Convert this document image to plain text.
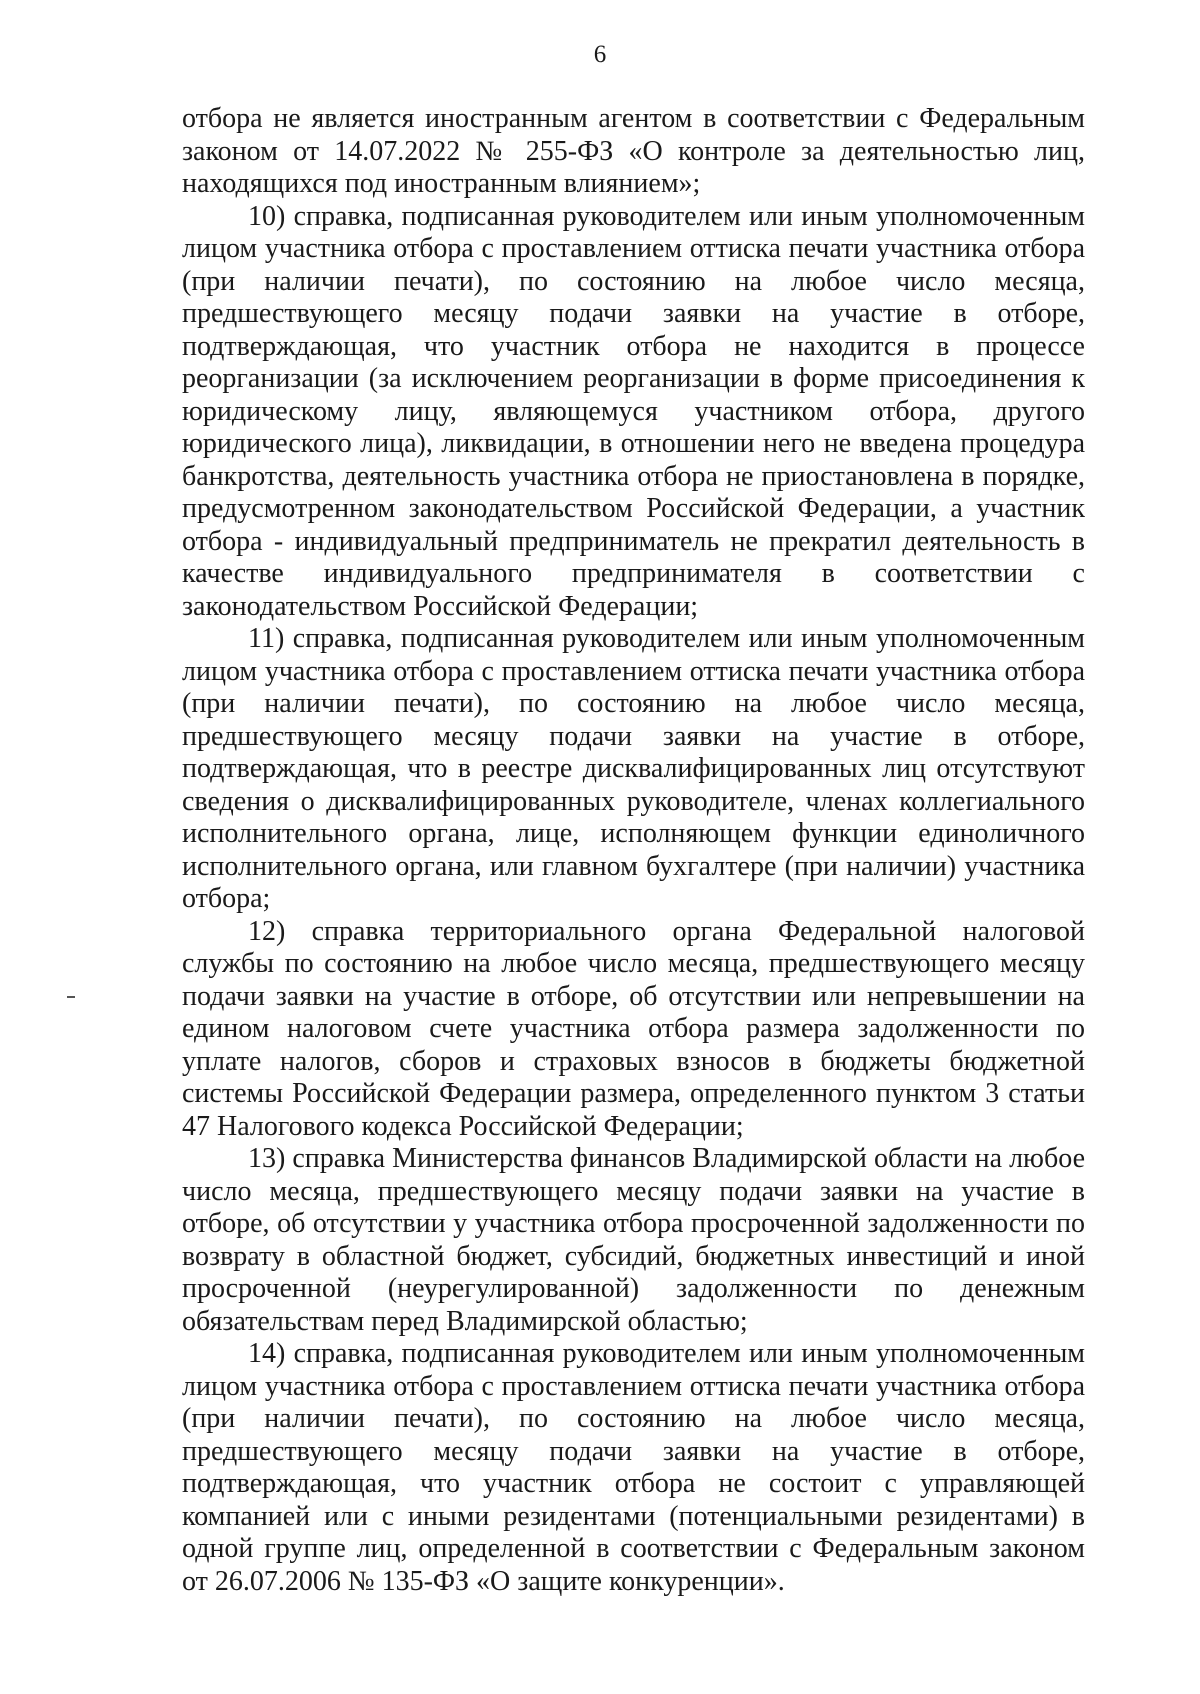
6

отбора не является иностранным агентом в соответствии с Федеральным законом от 14.07.2022 № 255-ФЗ «О контроле за деятельностью лиц, находящихся под иностранным влиянием»;

10) справка, подписанная руководителем или иным уполномоченным лицом участника отбора с проставлением оттиска печати участника отбора (при наличии печати), по состоянию на любое число месяца, предшествующего месяцу подачи заявки на участие в отборе, подтверждающая, что участник отбора не находится в процессе реорганизации (за исключением реорганизации в форме присоединения к юридическому лицу, являющемуся участником отбора, другого юридического лица), ликвидации, в отношении него не введена процедура банкротства, деятельность участника отбора не приостановлена в порядке, предусмотренном законодательством Российской Федерации, а участник отбора - индивидуальный предприниматель не прекратил деятельность в качестве индивидуального предпринимателя в соответствии с законодательством Российской Федерации;

11) справка, подписанная руководителем или иным уполномоченным лицом участника отбора с проставлением оттиска печати участника отбора (при наличии печати), по состоянию на любое число месяца, предшествующего месяцу подачи заявки на участие в отборе, подтверждающая, что в реестре дисквалифицированных лиц отсутствуют сведения о дисквалифицированных руководителе, членах коллегиального исполнительного органа, лице, исполняющем функции единоличного исполнительного органа, или главном бухгалтере (при наличии) участника отбора;

12) справка территориального органа Федеральной налоговой службы по состоянию на любое число месяца, предшествующего месяцу подачи заявки на участие в отборе, об отсутствии или непревышении на едином налоговом счете участника отбора размера задолженности по уплате налогов, сборов и страховых взносов в бюджеты бюджетной системы Российской Федерации размера, определенного пунктом 3 статьи 47 Налогового кодекса Российской Федерации;

13) справка Министерства финансов Владимирской области на любое число месяца, предшествующего месяцу подачи заявки на участие в отборе, об отсутствии у участника отбора просроченной задолженности по возврату в областной бюджет, субсидий, бюджетных инвестиций и иной просроченной (неурегулированной) задолженности по денежным обязательствам перед Владимирской областью;

14) справка, подписанная руководителем или иным уполномоченным лицом участника отбора с проставлением оттиска печати участника отбора (при наличии печати), по состоянию на любое число месяца, предшествующего месяцу подачи заявки на участие в отборе, подтверждающая, что участник отбора не состоит с управляющей компанией или с иными резидентами (потенциальными резидентами) в одной группе лиц, определенной в соответствии с Федеральным законом от 26.07.2006 № 135-ФЗ «О защите конкуренции».
